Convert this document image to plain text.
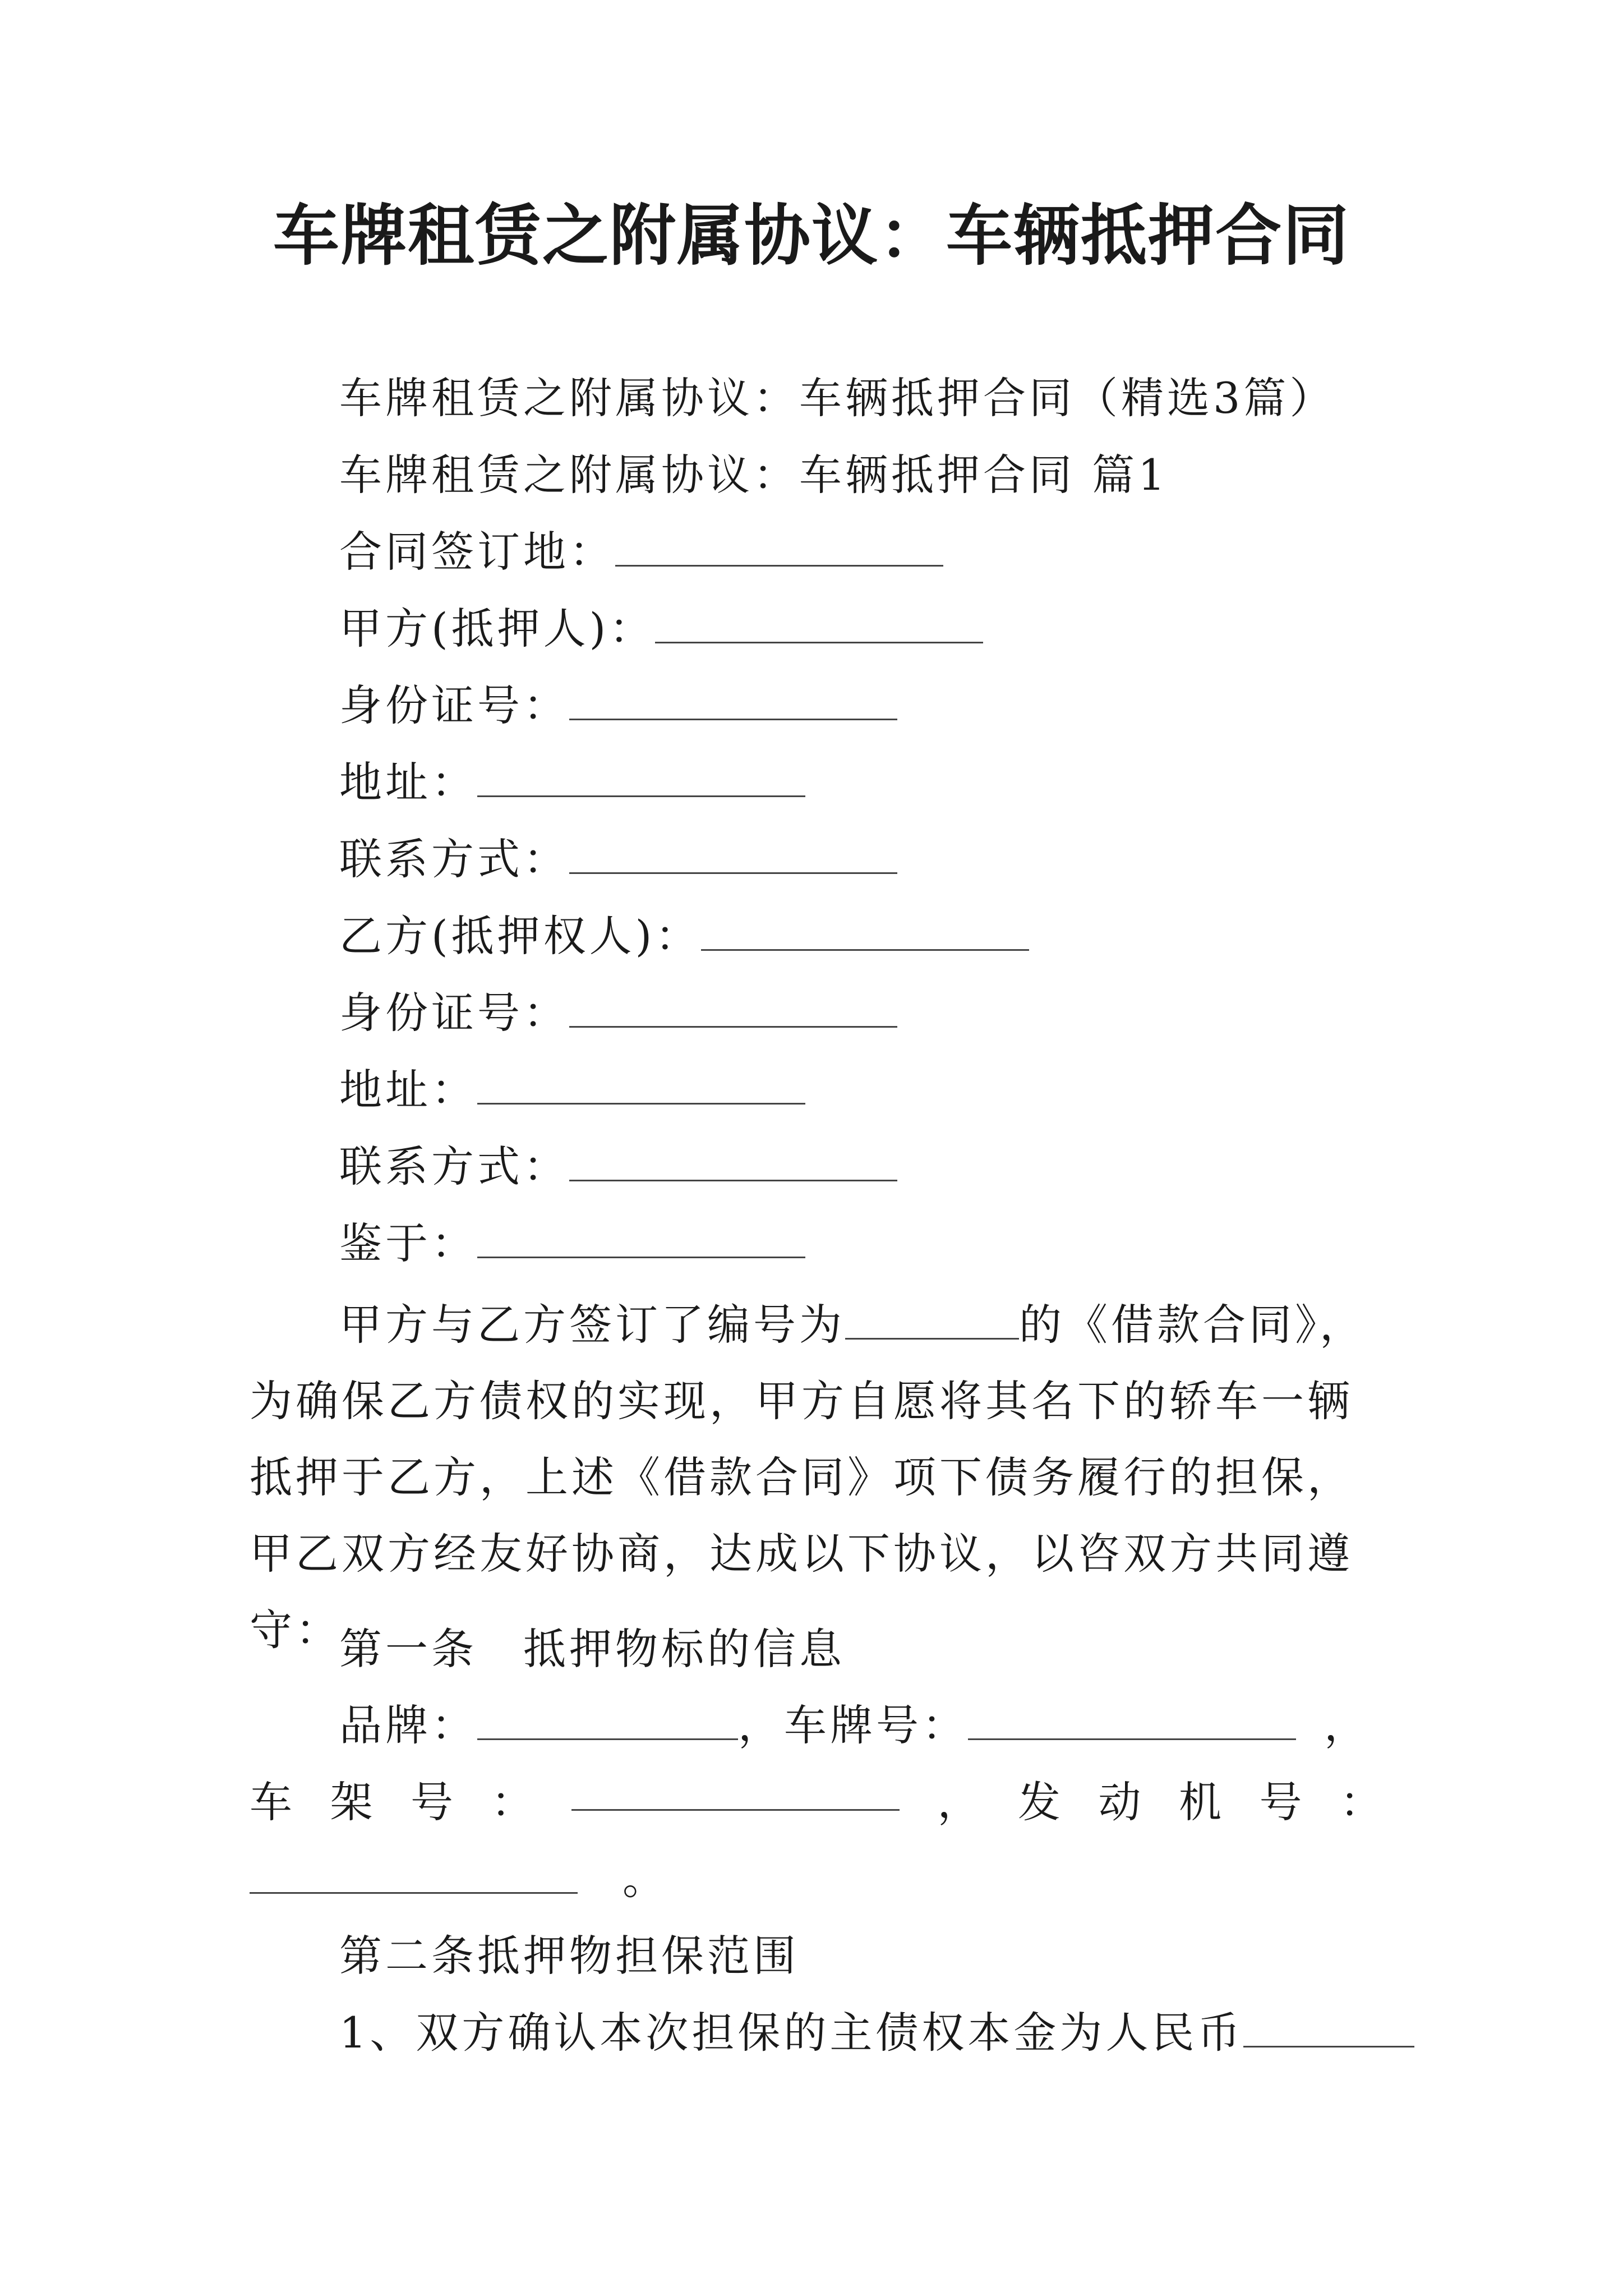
车牌租赁之附属协议：车辆抵押合同
车牌租赁之附属协议：车辆抵押合同（精选3篇）
车牌租赁之附属协议：车辆抵押合同 篇1
合同签订地：
甲方(抵押人)：
身份证号：
地址：
联系方式：
乙方(抵押权人)：
身份证号：
地址：
联系方式：
鉴于：
甲方与乙方签订了编号为	的《借款合同》，为确保乙方债权的实现，甲方自愿将其名下的轿车一辆抵押于乙方，上述《借款合同》项下债务履行的担保，甲乙双方经友好协商，达成以下协议，以咨双方共同遵守：
第一条　抵押物标的信息
品牌：	，车牌号：	，
车 架 号 ：	， 发 动 机 号 ：
。
第二条抵押物担保范围
1、双方确认本次担保的主债权本金为人民币
